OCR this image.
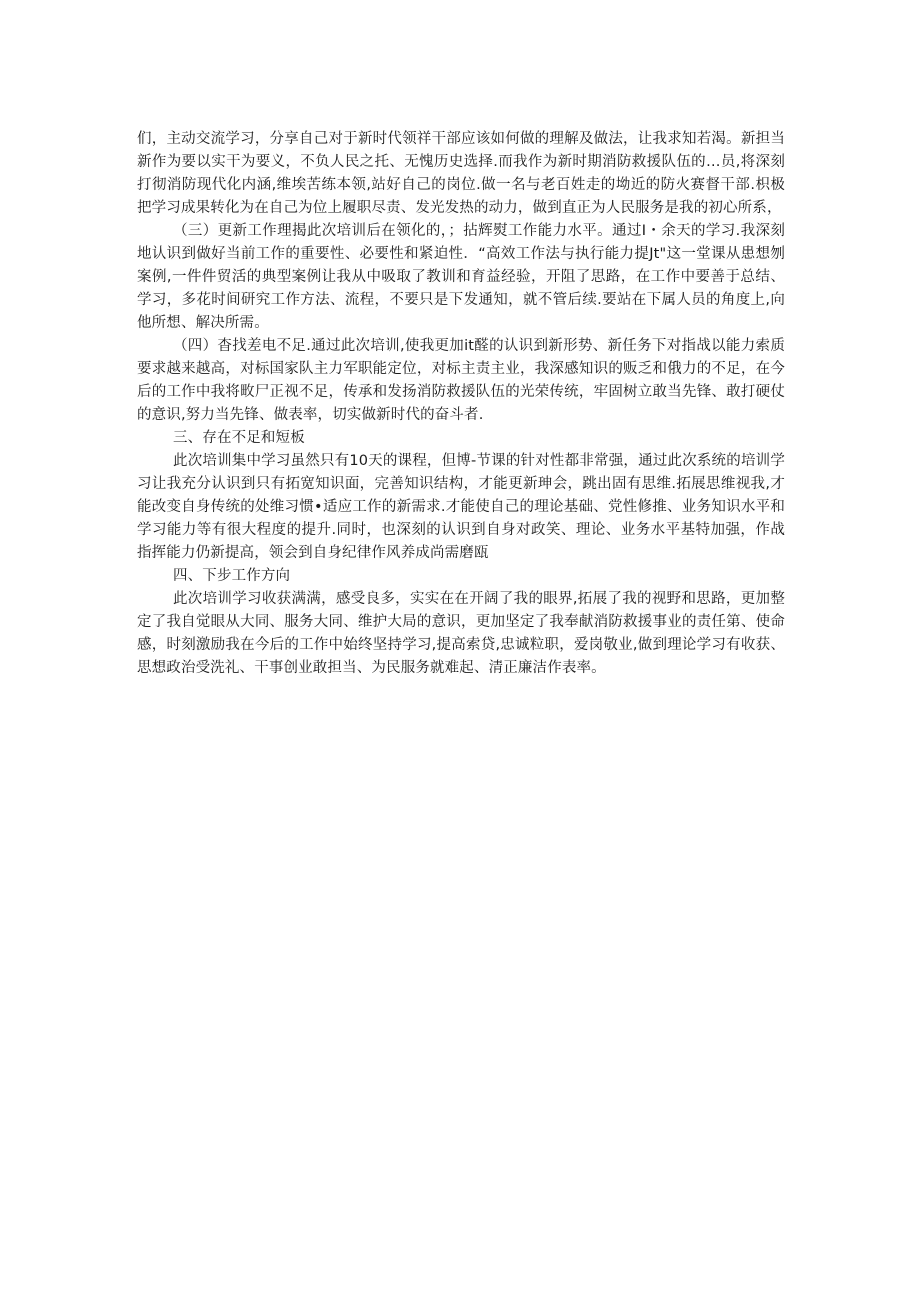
们，主动交流学习，分享自己对于新时代领祥干部应该如何做的理解及做法，让我求知若渴。新担当新作为要以实干为要义，不负人民之托、无愧历史选择.而我作为新时期消防救援队伍的…员,将深刻打彻消防现代化内涵,维埃苦练本领,站好自己的岗位.做一名与老百姓走的坳近的防火赛督干部.枳极把学习成果转化为在自己为位上履职尽责、发光发热的动力，做到直正为人民服务是我的初心所系，

（三）更新工作理揭此次培训后在领化的，；拈辉熨工作能力水平。通过I・余天的学习.我深刻地认识到做好当前工作的重要性、必要性和紧迫性．“高效工作法与执行能力提Jt"这一堂课从患想刎案例,一件件贸活的典型案例让我从中吸取了教训和育益经验，开阻了思路，在工作中要善于总结、学习，多花时间研究工作方法、流程，不要只是下发通知，就不管后续.要站在下属人员的角度上,向他所想、解决所需。

（四）杳找差电不足.通过此次培训,使我更加it醛的认识到新形势、新任务下对指战以能力索质要求越来越高，对标国家队主力军职能定位，对标主责主业，我深感知识的贩乏和俄力的不足，在今后的工作中我将畋尸正视不足，传承和发扬消防救援队伍的光荣传统，牢固树立敢当先锋、敢打硬仗的意识,努力当先锋、做表率，切实做新时代的奋斗者.

三、存在不足和短板

此次培训集中学习虽然只有10天的课程，但博-节课的针对性都非常强，通过此次系统的培训学习让我充分认识到只有拓宽知识面，完善知识结构，才能更新珅会，跳出固有思维.拓展思维视我,才能改变自身传统的处维习惯•适应工作的新需求.才能使自己的理论基础、党性修推、业务知识水平和学习能力等有很大程度的提升.同时，也深刻的认识到自身对政笑、理论、业务水平基特加强，作战指挥能力仍新提高，领会到自身纪律作风养成尚需磨瓯

四、下步工作方向

此次培训学习收获满满，感受良多，实实在在开阔了我的眼界,拓展了我的视野和思路，更加整定了我自觉眼从大同、服务大同、维护大局的意识，更加坚定了我奉献消防救援事业的责任第、使命感，时刻激励我在今后的工作中始终坚持学习,提高索贷,忠诚粒职，爱岗敬业,做到理论学习有收获、思想政治受洗礼、干事创业敢担当、为民服务就难起、清正廉洁作表率。
